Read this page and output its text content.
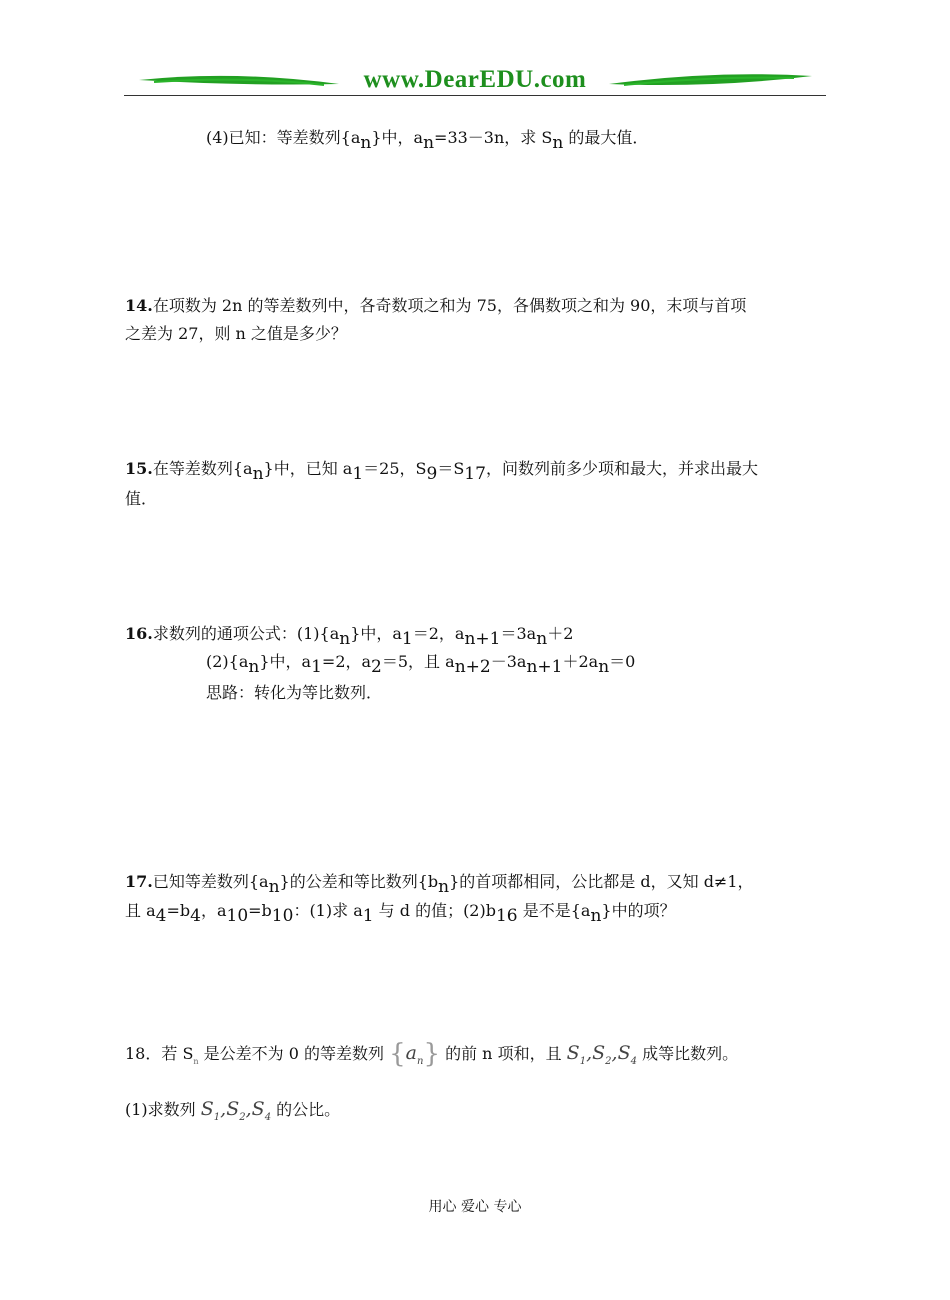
www.DearEDU.com
(4)已知：等差数列$\{a_n\}$中，$a_n=33-3n$，求 $S_n$ 的最大值．
14.在项数为 2n 的等差数列中，各奇数项之和为 75，各偶数项之和为 90，末项与首项
之差为 27，则 n 之值是多少？
15.在等差数列$\{a_n\}$中，已知 $a_1=25$，$S_9=S_{17}$，问数列前多少项和最大，并求出最大
值．
16.求数列的通项公式：$(1)\{a_n\}$中，$a_1=2$，$a_{n+1}=3a_n+2$
$(2)\{a_n\}$中，$a_1=2$，$a_2=5$，且 $a_{n+2}-3a_{n+1}+2a_n=0$
思路：转化为等比数列．
17.已知等差数列$\{a_n\}$的公差和等比数列$\{b_n\}$的首项都相同，公比都是 d，又知 d≠1，
且 $a_4=b_4$，$a_{10}=b_{10}$：(1)求 $a_1$ 与 d 的值；$(2)b_{16}$ 是不是$\{a_n\}$中的项？
18．若 $S_n$ 是公差不为 0 的等差数列 $\{a_n\}$ 的前 n 项和，且 $S_1,S_2,S_4$ 成等比数列。
(1)求数列 $S_1,S_2,S_4$ 的公比。
用心 爱心 专心
